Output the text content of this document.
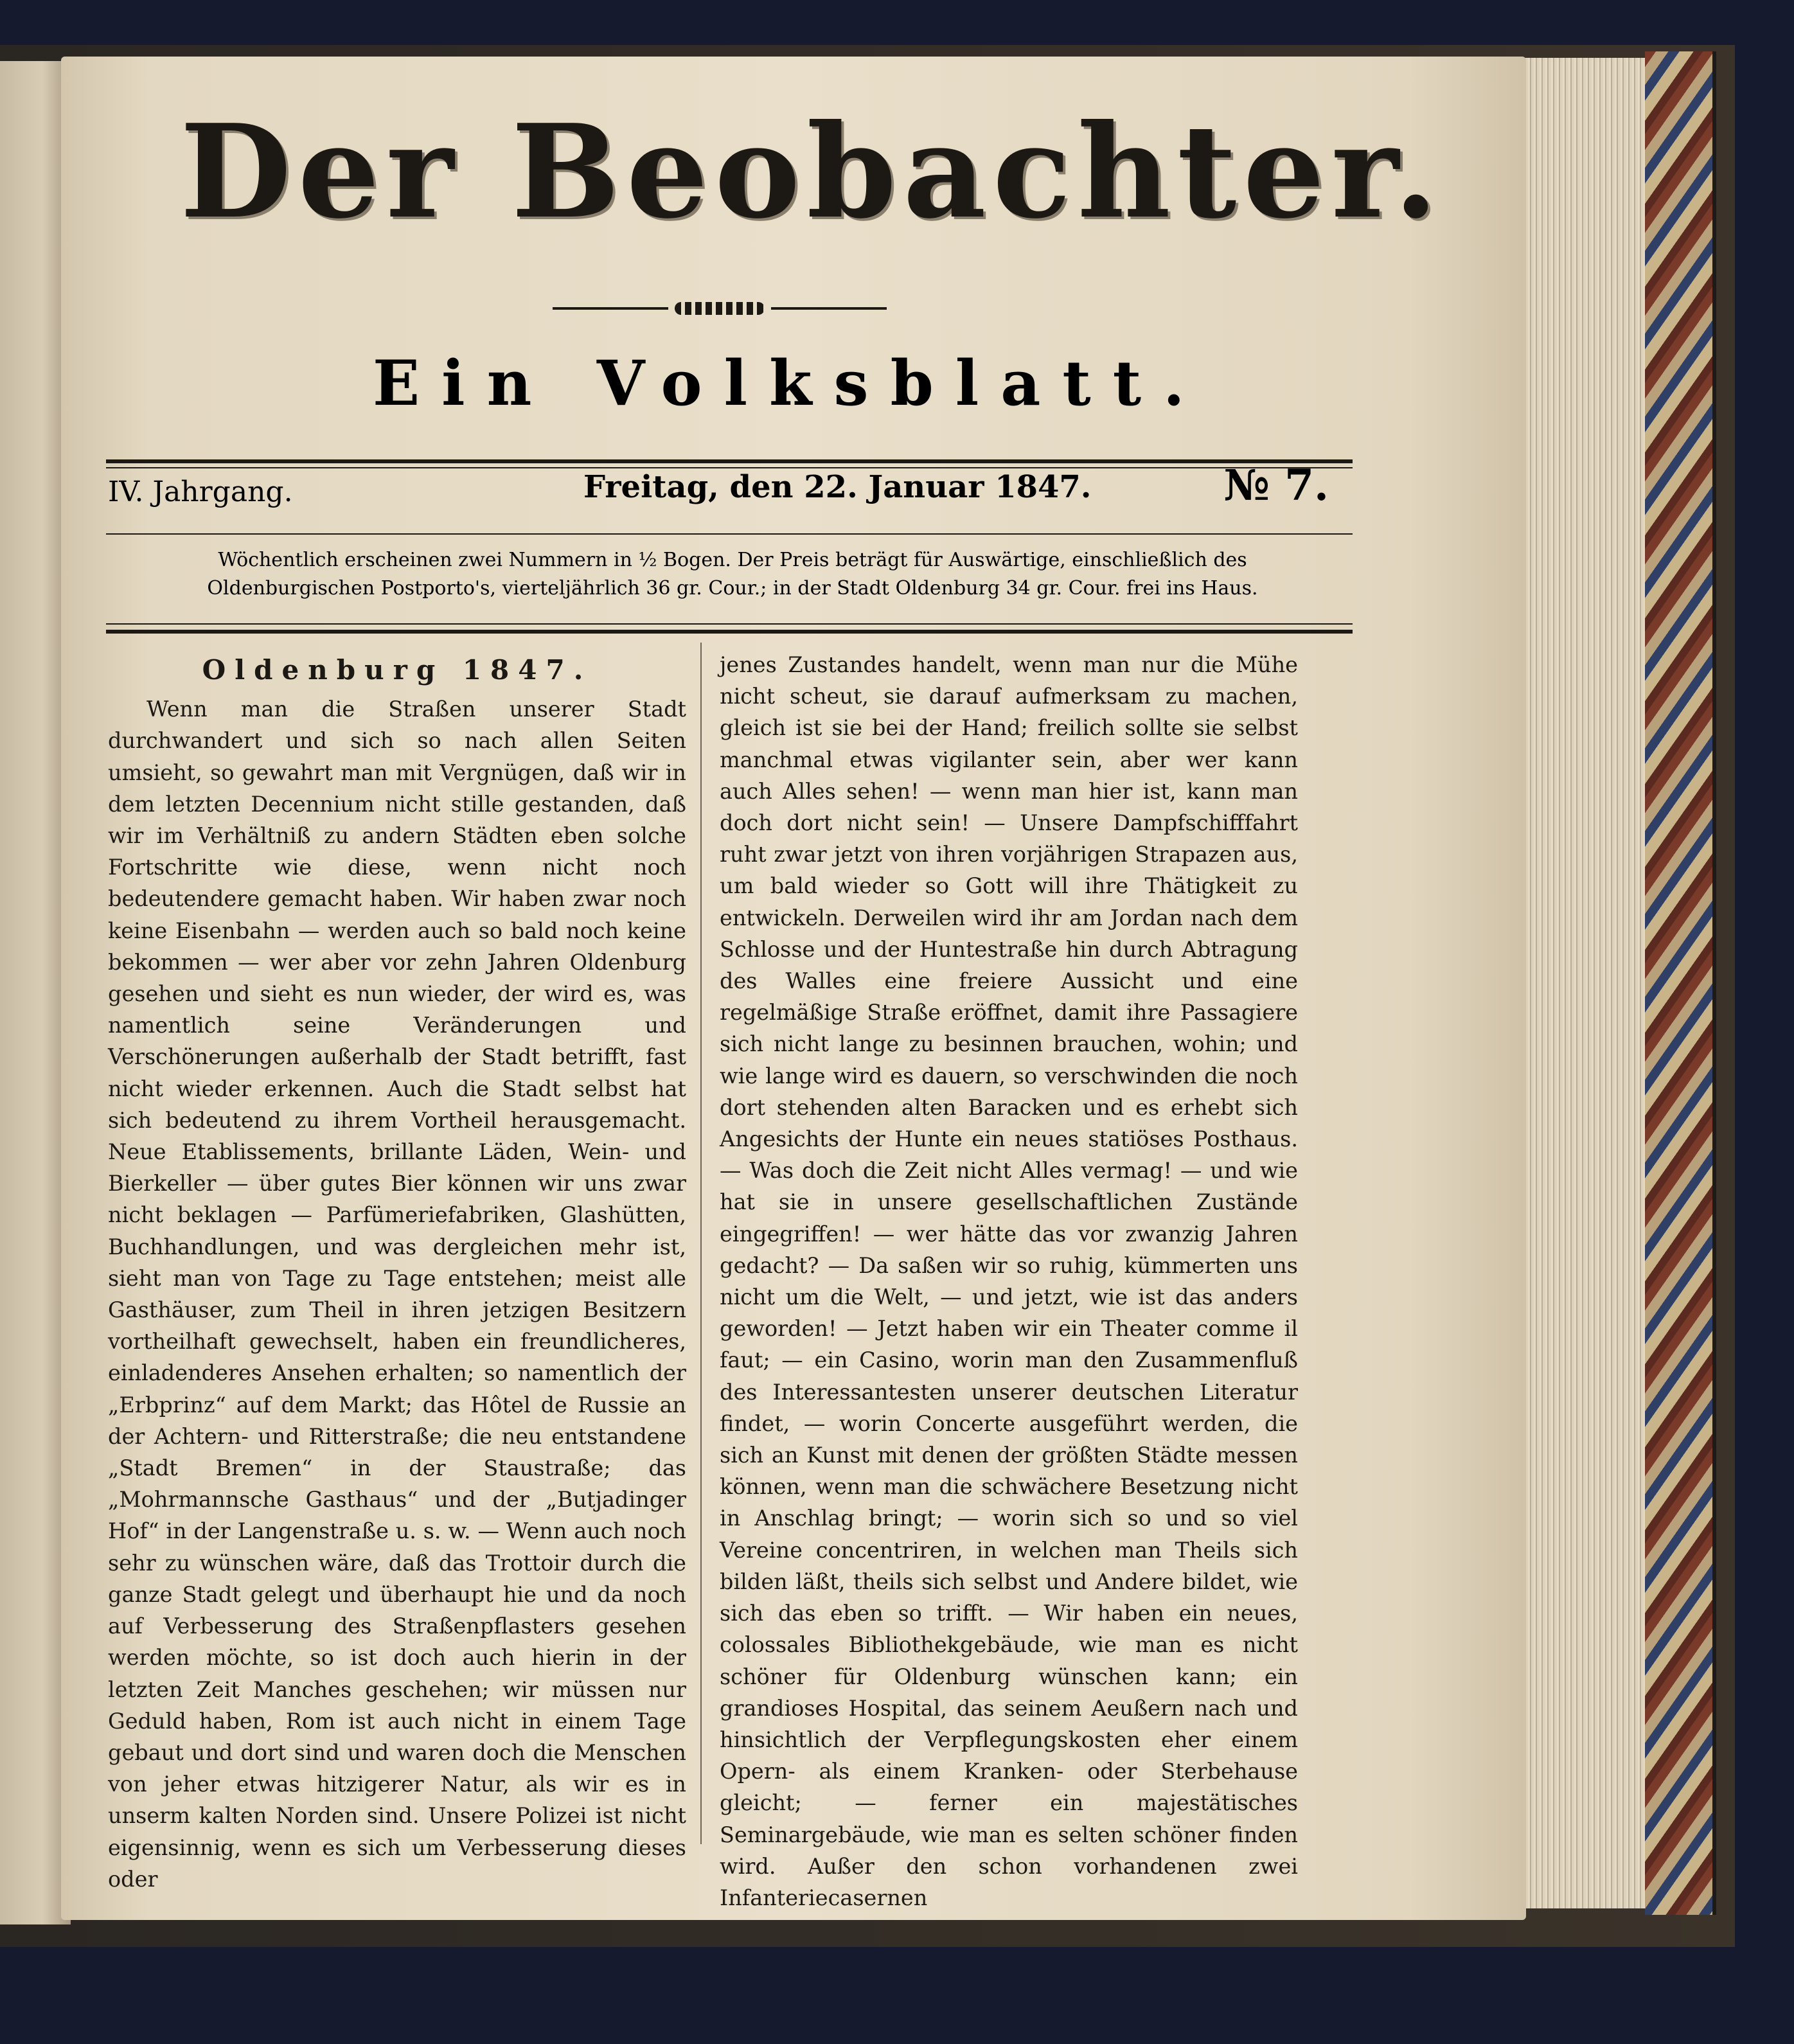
Der Beobachter.
Ein Volksblatt.
IV. Jahrgang.	Freitag, den 22. Januar 1847.	№ 7.
Wöchentlich erscheinen zwei Nummern in ½ Bogen. Der Preis beträgt für Auswärtige, einschließlich des Oldenburgischen Postporto's, vierteljährlich 36 gr. Cour.; in der Stadt Oldenburg 34 gr. Cour. frei ins Haus.
Oldenburg 1847.

Wenn man die Straßen unserer Stadt durchwandert und sich so nach allen Seiten umsieht, so gewahrt man mit Vergnügen, daß wir in dem letzten Decennium nicht stille gestanden, daß wir im Verhältniß zu andern Städten eben solche Fortschritte wie diese, wenn nicht noch bedeutendere gemacht haben. Wir haben zwar noch keine Eisenbahn — werden auch so bald noch keine bekommen — wer aber vor zehn Jahren Oldenburg gesehen und sieht es nun wieder, der wird es, was namentlich seine Veränderungen und Verschönerungen außerhalb der Stadt betrifft, fast nicht wieder erkennen. Auch die Stadt selbst hat sich bedeutend zu ihrem Vortheil herausgemacht. Neue Etablissements, brillante Läden, Wein- und Bierkeller — über gutes Bier können wir uns zwar nicht beklagen — Parfümeriefabriken, Glashütten, Buchhandlungen, und was dergleichen mehr ist, sieht man von Tage zu Tage entstehen; meist alle Gasthäuser, zum Theil in ihren jetzigen Besitzern vortheilhaft gewechselt, haben ein freundlicheres, einladenderes Ansehen erhalten; so namentlich der „Erbprinz“ auf dem Markt; das Hôtel de Russie an der Achtern- und Ritterstraße; die neu entstandene „Stadt Bremen“ in der Staustraße; das „Mohrmannsche Gasthaus“ und der „Butjadinger Hof“ in der Langenstraße u. s. w. — Wenn auch noch sehr zu wünschen wäre, daß das Trottoir durch die ganze Stadt gelegt und überhaupt hie und da noch auf Verbesserung des Straßenpflasters gesehen werden möchte, so ist doch auch hierin in der letzten Zeit Manches geschehen; wir müssen nur Geduld haben, Rom ist auch nicht in einem Tage gebaut und dort sind und waren doch die Menschen von jeher etwas hitzigerer Natur, als wir es in unserm kalten Norden sind. Unsere Polizei ist nicht eigensinnig, wenn es sich um Verbesserung dieses oder

jenes Zustandes handelt, wenn man nur die Mühe nicht scheut, sie darauf aufmerksam zu machen, gleich ist sie bei der Hand; freilich sollte sie selbst manchmal etwas vigilanter sein, aber wer kann auch Alles sehen! — wenn man hier ist, kann man doch dort nicht sein! — Unsere Dampfschifffahrt ruht zwar jetzt von ihren vorjährigen Strapazen aus, um bald wieder so Gott will ihre Thätigkeit zu entwickeln. Derweilen wird ihr am Jordan nach dem Schlosse und der Huntestraße hin durch Abtragung des Walles eine freiere Aussicht und eine regelmäßige Straße eröffnet, damit ihre Passagiere sich nicht lange zu besinnen brauchen, wohin; und wie lange wird es dauern, so verschwinden die noch dort stehenden alten Baracken und es erhebt sich Angesichts der Hunte ein neues statiöses Posthaus. — Was doch die Zeit nicht Alles vermag! — und wie hat sie in unsere gesellschaftlichen Zustände eingegriffen! — wer hätte das vor zwanzig Jahren gedacht? — Da saßen wir so ruhig, kümmerten uns nicht um die Welt, — und jetzt, wie ist das anders geworden! — Jetzt haben wir ein Theater comme il faut; — ein Casino, worin man den Zusammenfluß des Interessantesten unserer deutschen Literatur findet, — worin Concerte ausgeführt werden, die sich an Kunst mit denen der größten Städte messen können, wenn man die schwächere Besetzung nicht in Anschlag bringt; — worin sich so und so viel Vereine concentriren, in welchen man Theils sich bilden läßt, theils sich selbst und Andere bildet, wie sich das eben so trifft. — Wir haben ein neues, colossales Bibliothekgebäude, wie man es nicht schöner für Oldenburg wünschen kann; ein grandioses Hospital, das seinem Aeußern nach und hinsichtlich der Verpflegungskosten eher einem Opern- als einem Kranken- oder Sterbehause gleicht; — ferner ein majestätisches Seminargebäude, wie man es selten schöner finden wird. Außer den schon vorhandenen zwei Infanteriecasernen
